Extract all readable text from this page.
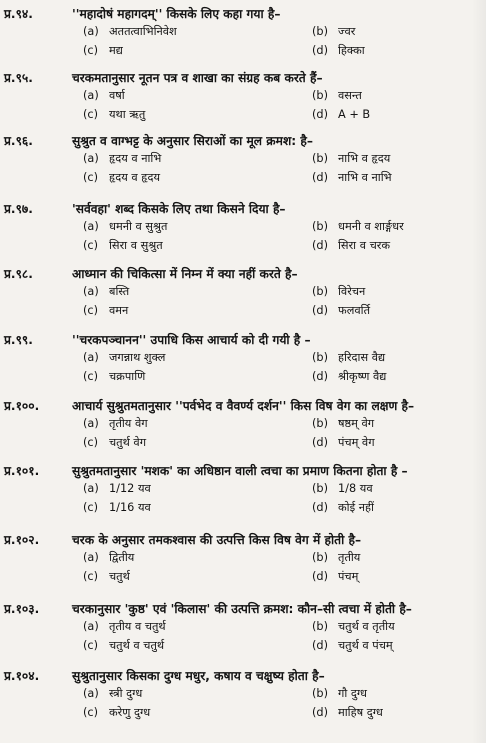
प्र.९४.	''महादोषं महागदम्'' किसके लिए कहा गया है–
(a) अततत्वाभिनिवेश	(b) ज्वर
(c) मद्य	(d) हिक्का
प्र.९५.	चरकमतानुसार नूतन पत्र व शाखा का संग्रह कब करते हैं–
(a) वर्षा	(b) वसन्त
(c) यथा ऋतु	(d) A + B
प्र.९६.	सुश्रुत व वाग्भट्ट के अनुसार सिराओं का मूल क्रमश: है–
(a) हृदय व नाभि	(b) नाभि व हृदय
(c) हृदय व हृदय	(d) नाभि व नाभि
प्र.९७.	'सर्ववहा' शब्द किसके लिए तथा किसने दिया है–
(a) धमनी व सुश्रुत	(b) धमनी व शार्ङ्गधर
(c) सिरा व सुश्रुत	(d) सिरा व चरक
प्र.९८.	आध्मान की चिकित्सा में निम्न में क्या नहीं करते है–
(a) बस्ति	(b) विरेचन
(c) वमन	(d) फलवर्ति
प्र.९९.	''चरकपञ्चानन'' उपाधि किस आचार्य को दी गयी है –
(a) जगन्नाथ शुक्ल	(b) हरिदास वैद्य
(c) चक्रपाणि	(d) श्रीकृष्ण वैद्य
प्र.१००.	आचार्य सुश्रुतमतानुसार ''पर्वभेद व वैवर्ण्य दर्शन'' किस विष वेग का लक्षण है–
(a) तृतीय वेग	(b) षष्ठम् वेग
(c) चतुर्थ वेग	(d) पंचम् वेग
प्र.१०१.	सुश्रुतमतानुसार 'मशक' का अधिष्ठान वाली त्वचा का प्रमाण कितना होता है –
(a) 1/12 यव	(b) 1/8 यव
(c) 1/16 यव	(d) कोई नहीं
प्र.१०२.	चरक के अनुसार तमकश्वास की उत्पत्ति किस विष वेग में होती है–
(a) द्वितीय	(b) तृतीय
(c) चतुर्थ	(d) पंचम्
प्र.१०३.	चरकानुसार 'कुष्ठ' एवं 'किलास' की उत्पत्ति क्रमश: कौन–सी त्वचा में होती है–
(a) तृतीय व चतुर्थ	(b) चतुर्थ व तृतीय
(c) चतुर्थ व चतुर्थ	(d) चतुर्थ व पंचम्
प्र.१०४.	सुश्रुतानुसार किसका दुग्ध मधुर, कषाय व चक्षुष्य होता है–
(a) स्त्री दुग्ध	(b) गौ दुग्ध
(c) करेणु दुग्ध	(d) माहिष दुग्ध
